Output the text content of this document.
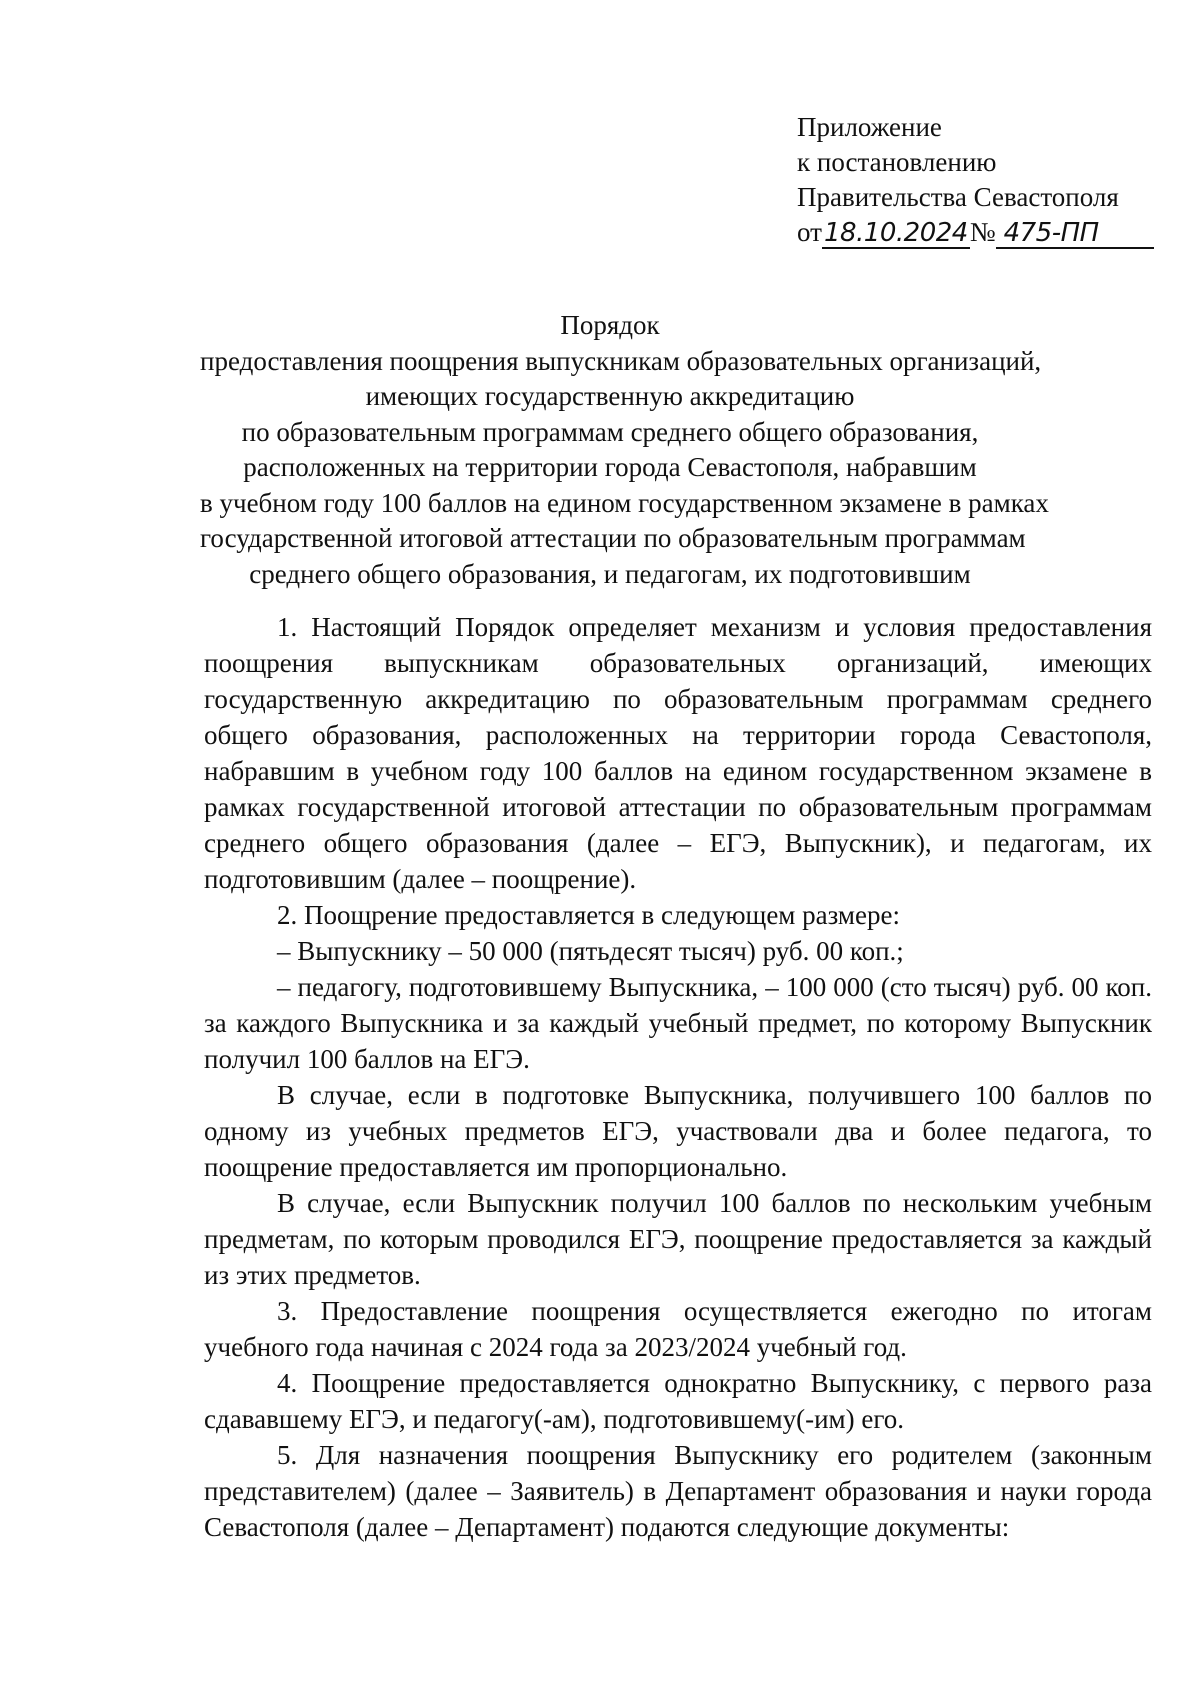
Приложение
к постановлению
Правительства Севастополя
от18.10.2024№ 475-ПП
Порядок
предоставления поощрения выпускникам образовательных организаций,
имеющих государственную аккредитацию
по образовательным программам среднего общего образования,
расположенных на территории города Севастополя, набравшим
в учебном году 100 баллов на едином государственном экзамене в рамках
государственной итоговой аттестации по образовательным программам
среднего общего образования, и педагогам, их подготовившим

1. Настоящий Порядок определяет механизм и условия предоставления поощрения выпускникам образовательных организаций, имеющих государственную аккредитацию по образовательным программам среднего общего образования, расположенных на территории города Севастополя, набравшим в учебном году 100 баллов на едином государственном экзамене в рамках государственной итоговой аттестации по образовательным программам среднего общего образования (далее – ЕГЭ, Выпускник), и педагогам, их подготовившим (далее – поощрение).

2. Поощрение предоставляется в следующем размере:

– Выпускнику – 50 000 (пятьдесят тысяч) руб. 00 коп.;

– педагогу, подготовившему Выпускника, – 100 000 (сто тысяч) руб. 00 коп. за каждого Выпускника и за каждый учебный предмет, по которому Выпускник получил 100 баллов на ЕГЭ.

В случае, если в подготовке Выпускника, получившего 100 баллов по одному из учебных предметов ЕГЭ, участвовали два и более педагога, то поощрение предоставляется им пропорционально.

В случае, если Выпускник получил 100 баллов по нескольким учебным предметам, по которым проводился ЕГЭ, поощрение предоставляется за каждый из этих предметов.

3. Предоставление поощрения осуществляется ежегодно по итогам учебного года начиная с 2024 года за 2023/2024 учебный год.

4. Поощрение предоставляется однократно Выпускнику, с первого раза сдававшему ЕГЭ, и педагогу(-ам), подготовившему(-им) его.

5. Для назначения поощрения Выпускнику его родителем (законным представителем) (далее – Заявитель) в Департамент образования и науки города Севастополя (далее – Департамент) подаются следующие документы:
